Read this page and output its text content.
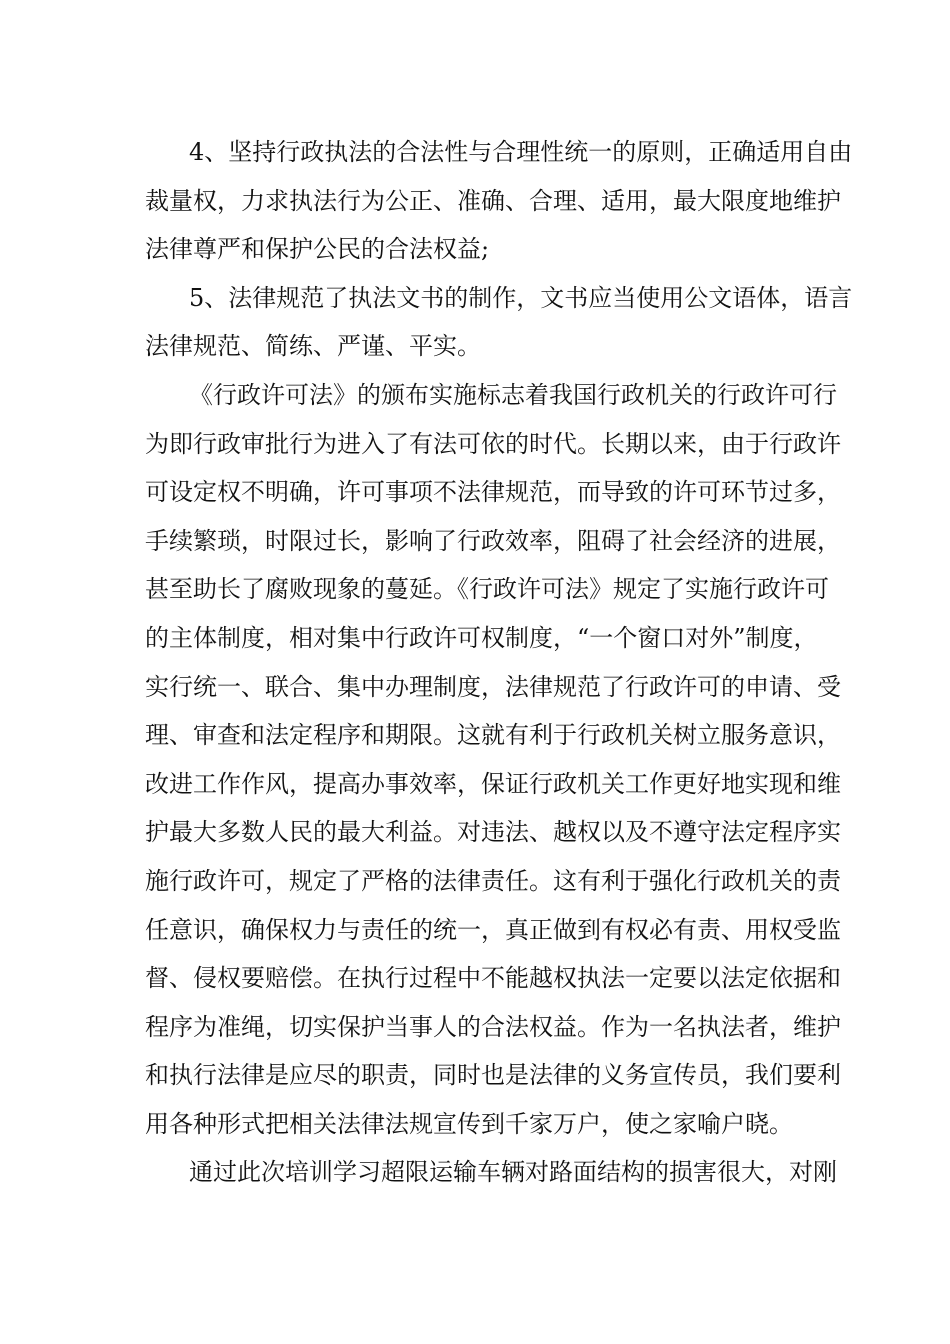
4、坚持行政执法的合法性与合理性统一的原则，正确适用自由
裁量权，力求执法行为公正、准确、合理、适用，最大限度地维护
法律尊严和保护公民的合法权益;
5、法律规范了执法文书的制作，文书应当使用公文语体，语言
法律规范、简练、严谨、平实。
《行政许可法》的颁布实施标志着我国行政机关的行政许可行
为即行政审批行为进入了有法可依的时代。长期以来，由于行政许
可设定权不明确，许可事项不法律规范，而导致的许可环节过多，
手续繁琐，时限过长，影响了行政效率，阻碍了社会经济的进展，
甚至助长了腐败现象的蔓延。《行政许可法》规定了实施行政许可
的主体制度，相对集中行政许可权制度，“一个窗口对外”制度，
实行统一、联合、集中办理制度，法律规范了行政许可的申请、受
理、审查和法定程序和期限。这就有利于行政机关树立服务意识，
改进工作作风，提高办事效率，保证行政机关工作更好地实现和维
护最大多数人民的最大利益。对违法、越权以及不遵守法定程序实
施行政许可，规定了严格的法律责任。这有利于强化行政机关的责
任意识，确保权力与责任的统一，真正做到有权必有责、用权受监
督、侵权要赔偿。在执行过程中不能越权执法一定要以法定依据和
程序为准绳，切实保护当事人的合法权益。作为一名执法者，维护
和执行法律是应尽的职责，同时也是法律的义务宣传员，我们要利
用各种形式把相关法律法规宣传到千家万户，使之家喻户晓。
通过此次培训学习超限运输车辆对路面结构的损害很大，对刚
